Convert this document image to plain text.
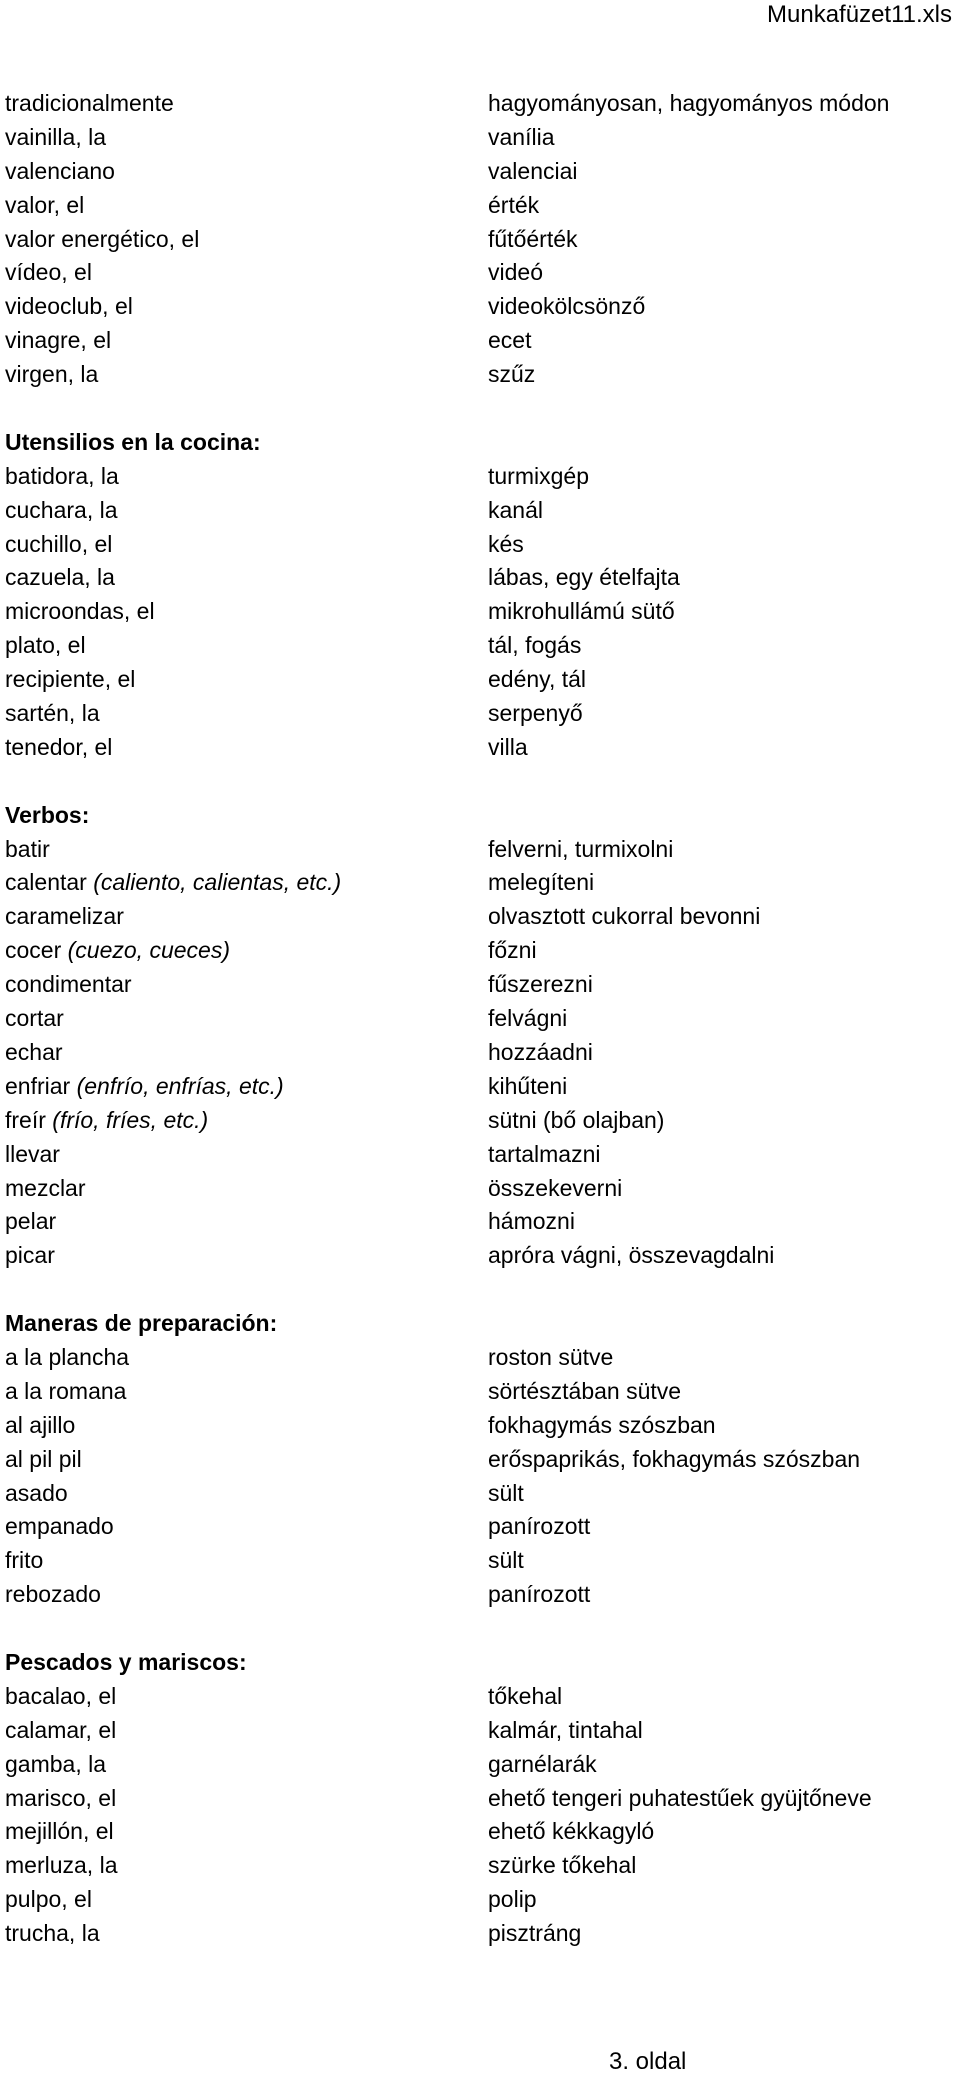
Munkafüzet11.xls
tradicionalmente	hagyományosan, hagyományos módon
vainilla, la	vanília
valenciano	valenciai
valor, el	érték
valor energético, el	fűtőérték
vídeo, el	videó
videoclub, el	videokölcsönző
vinagre, el	ecet
virgen, la	szűz
Utensilios en la cocina:
batidora, la	turmixgép
cuchara, la	kanál
cuchillo, el	kés
cazuela, la	lábas, egy ételfajta
microondas, el	mikrohullámú sütő
plato, el	tál, fogás
recipiente, el	edény, tál
sartén, la	serpenyő
tenedor, el	villa
Verbos:
batir	felverni, turmixolni
calentar (caliento, calientas, etc.)	melegíteni
caramelizar	olvasztott cukorral bevonni
cocer (cuezo, cueces)	főzni
condimentar	fűszerezni
cortar	felvágni
echar	hozzáadni
enfriar (enfrío, enfrías, etc.)	kihűteni
freír (frío, fríes, etc.)	sütni (bő olajban)
llevar	tartalmazni
mezclar	összekeverni
pelar	hámozni
picar	apróra vágni, összevagdalni
Maneras de preparación:
a la plancha	roston sütve
a la romana	sörtésztában sütve
al ajillo	fokhagymás szószban
al pil pil	erőspaprikás, fokhagymás szószban
asado	sült
empanado	panírozott
frito	sült
rebozado	panírozott
Pescados y mariscos:
bacalao, el	tőkehal
calamar, el	kalmár, tintahal
gamba, la	garnélarák
marisco, el	ehető tengeri puhatestűek gyüjtőneve
mejillón, el	ehető kékkagyló
merluza, la	szürke tőkehal
pulpo, el	polip
trucha, la	pisztráng
3. oldal
